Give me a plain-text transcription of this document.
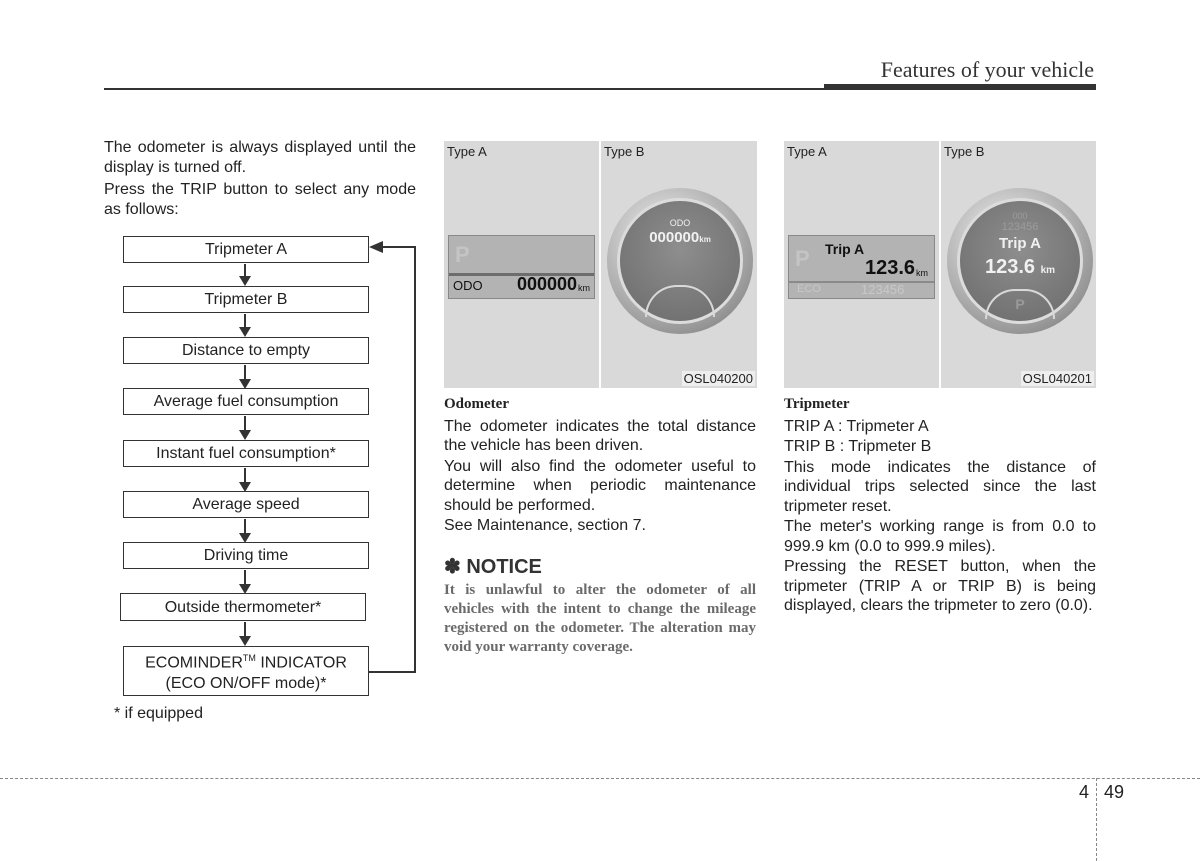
Features of your vehicle

The odometer is always displayed until the display is turned off.

Press the TRIP button to select any mode as follows:

Tripmeter A
Tripmeter B
Distance to empty
Average fuel consumption
Instant fuel consumption*
Average speed
Driving time
Outside thermometer*
ECOMINDER™ INDICATOR
(ECO ON/OFF mode)*
* if equipped
Type A
P
ODO 000000 km
Type B
ODO
000000km
OSL040200
Type A
P Trip A
123.6 km
ECO	123456
Type B
000
123456
Trip A
123.6 km
P
OSL040201
Odometer

The odometer indicates the total distance the vehicle has been driven.

You will also find the odometer useful to determine when periodic maintenance should be performed.

See Maintenance, section 7.

✽ NOTICE
It is unlawful to alter the odometer of all vehicles with the intent to change the mileage registered on the odometer. The alteration may void your warranty coverage.
Tripmeter

TRIP A : Tripmeter A

TRIP B : Tripmeter B

This mode indicates the distance of individual trips selected since the last tripmeter reset.

The meter's working range is from 0.0 to 999.9 km (0.0 to 999.9 miles).

Pressing the RESET button, when the tripmeter (TRIP A or TRIP B) is being displayed, clears the tripmeter to zero (0.0).

4 49
